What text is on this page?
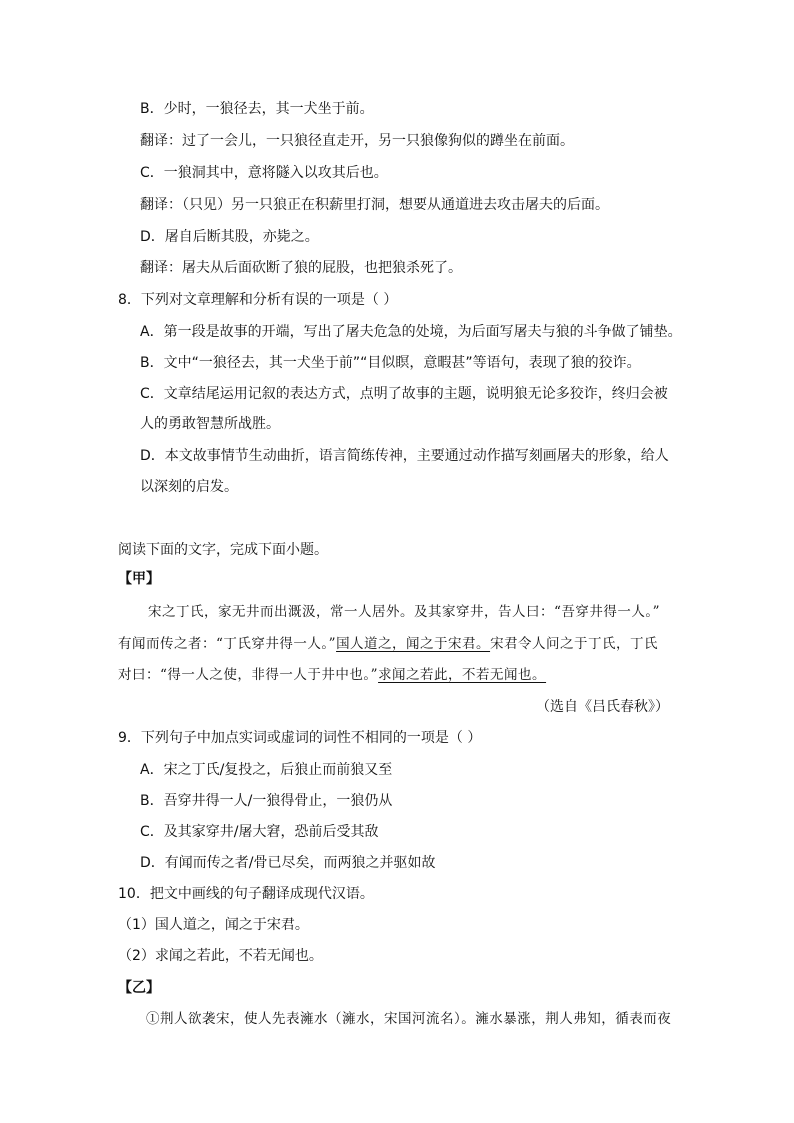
B．少时，一狼径去，其一犬坐于前。
翻译：过了一会儿，一只狼径直走开，另一只狼像狗似的蹲坐在前面。
C．一狼洞其中，意将隧入以攻其后也。
翻译：（只见）另一只狼正在积薪里打洞，想要从通道进去攻击屠夫的后面。
D．屠自后断其股，亦毙之。
翻译：屠夫从后面砍断了狼的屁股，也把狼杀死了。
8．下列对文章理解和分析有误的一项是（ ）
A．第一段是故事的开端，写出了屠夫危急的处境，为后面写屠夫与狼的斗争做了铺垫。
B．文中“一狼径去，其一犬坐于前”“目似瞑，意暇甚”等语句，表现了狼的狡诈。
C．文章结尾运用记叙的表达方式，点明了故事的主题，说明狼无论多狡诈，终归会被
人的勇敢智慧所战胜。
D．本文故事情节生动曲折，语言简练传神，主要通过动作描写刻画屠夫的形象，给人
以深刻的启发。
阅读下面的文字，完成下面小题。
【甲】
宋之丁氏，家无井而出溉汲，常一人居外。及其家穿井，告人曰：“吾穿井得一人。”
有闻而传之者：“丁氏穿井得一人。”国人道之，闻之于宋君。宋君令人问之于丁氏，丁氏
对曰：“得一人之使，非得一人于井中也。”求闻之若此，不若无闻也。
（选自《吕氏春秋》）
9．下列句子中加点实词或虚词的词性不相同的一项是（ ）
A．宋之丁氏/复投之，后狼止而前狼又至
B．吾穿井得一人/一狼得骨止，一狼仍从
C．及其家穿井/屠大窘，恐前后受其敌
D．有闻而传之者/骨已尽矣，而两狼之并驱如故
10．把文中画线的句子翻译成现代汉语。
（1）国人道之，闻之于宋君。
（2）求闻之若此，不若无闻也。
【乙】
①荆人欲袭宋，使人先表澭水（澭水，宋国河流名）。澭水暴涨，荆人弗知，循表而夜
